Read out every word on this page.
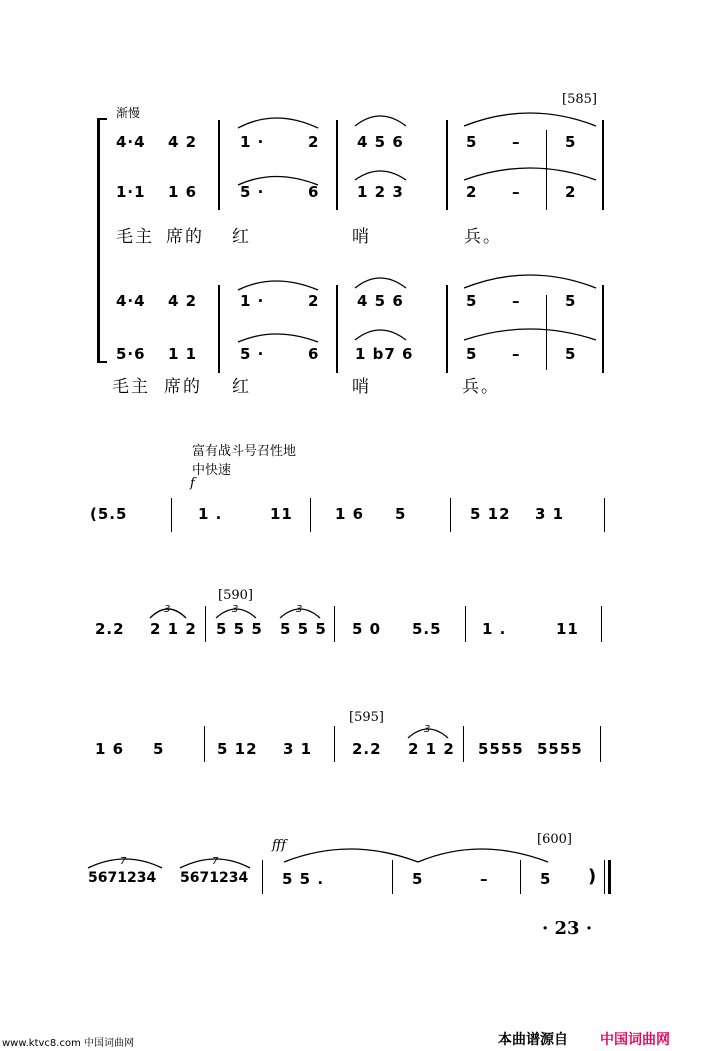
渐慢
[585]
4·4 4 2	1 ·	2	4 5 6	5 –	5
1·1 1 6	5 ·	6	1 2 3	2 –	2
毛主 席的 红	哨	兵。
4·4 4 2	1 ·	2	4 5 6	5 –	5
5·6 1 1	5 ·	6 1 b7 6	5 –	5
毛主 席的 红	哨	兵。
富有战斗号召性地
中快速
f
(5.5	1 .	11	1 6 5	5 12 3 1
[590]
2.2 2 1 2
3
5 5 5
3
5 5 5
3
5 0 5.5	1 .	11
[595]
1 6 5	5 12 3 1	2.2 2 1 2
3
5555 5555
fff	[600]
5671234
7
5671234
7
5 5 .	5	–	5 )
· 23 ·
www.ktvc8.com 中国词曲网	本曲谱源自 中国词曲网
